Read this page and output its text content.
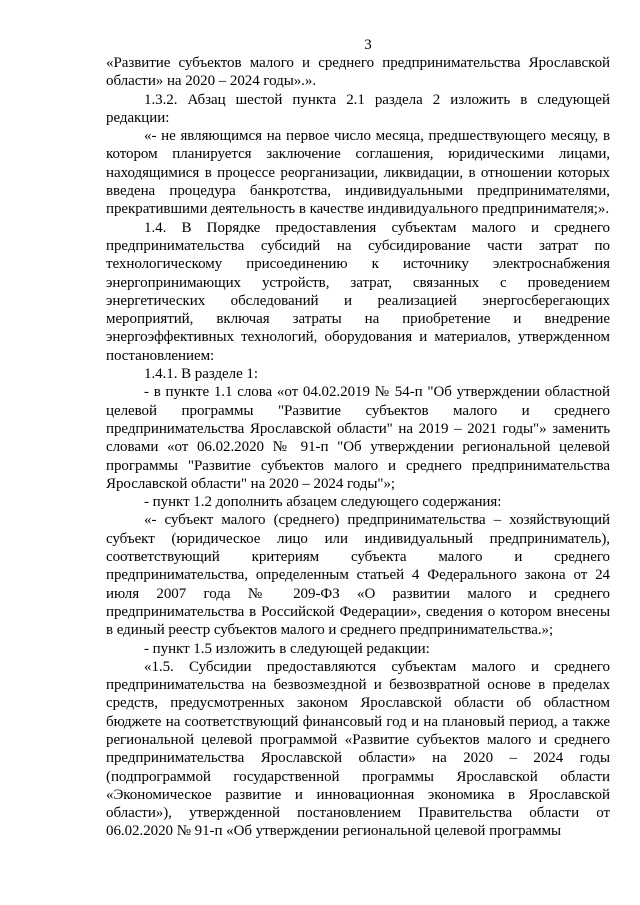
3

«Развитие субъектов малого и среднего предпринимательства Ярославской области» на 2020 – 2024 годы».».

1.3.2. Абзац шестой пункта 2.1 раздела 2 изложить в следующей редакции:

«- не являющимся на первое число месяца, предшествующего месяцу, в котором планируется заключение соглашения, юридическими лицами, находящимися в процессе реорганизации, ликвидации, в отношении которых введена процедура банкротства, индивидуальными предпринимателями, прекратившими деятельность в качестве индивидуального предпринимателя;».

1.4. В Порядке предоставления субъектам малого и среднего предпринимательства субсидий на субсидирование части затрат по технологическому присоединению к источнику электроснабжения энергопринимающих устройств, затрат, связанных с проведением энергетических обследований и реализацией энергосберегающих мероприятий, включая затраты на приобретение и внедрение энергоэффективных технологий, оборудования и материалов, утвержденном постановлением:

1.4.1. В разделе 1:

- в пункте 1.1 слова «от 04.02.2019 № 54-п "Об утверждении областной целевой программы "Развитие субъектов малого и среднего предпринимательства Ярославской области" на 2019 – 2021 годы"» заменить словами «от 06.02.2020 № 91-п "Об утверждении региональной целевой программы "Развитие субъектов малого и среднего предпринимательства Ярославской области" на 2020 – 2024 годы"»;

- пункт 1.2 дополнить абзацем следующего содержания:

«- субъект малого (среднего) предпринимательства – хозяйствующий субъект (юридическое лицо или индивидуальный предприниматель), соответствующий критериям субъекта малого и среднего предпринимательства, определенным статьей 4 Федерального закона от 24 июля 2007 года № 209-ФЗ «О развитии малого и среднего предпринимательства в Российской Федерации», сведения о котором внесены в единый реестр субъектов малого и среднего предпринимательства.»;

- пункт 1.5 изложить в следующей редакции:

«1.5. Субсидии предоставляются субъектам малого и среднего предпринимательства на безвозмездной и безвозвратной основе в пределах средств, предусмотренных законом Ярославской области об областном бюджете на соответствующий финансовый год и на плановый период, а также региональной целевой программой «Развитие субъектов малого и среднего предпринимательства Ярославской области» на 2020 – 2024 годы (подпрограммой государственной программы Ярославской области «Экономическое развитие и инновационная экономика в Ярославской области»), утвержденной постановлением Правительства области от 06.02.2020 № 91-п «Об утверждении региональной целевой программы
